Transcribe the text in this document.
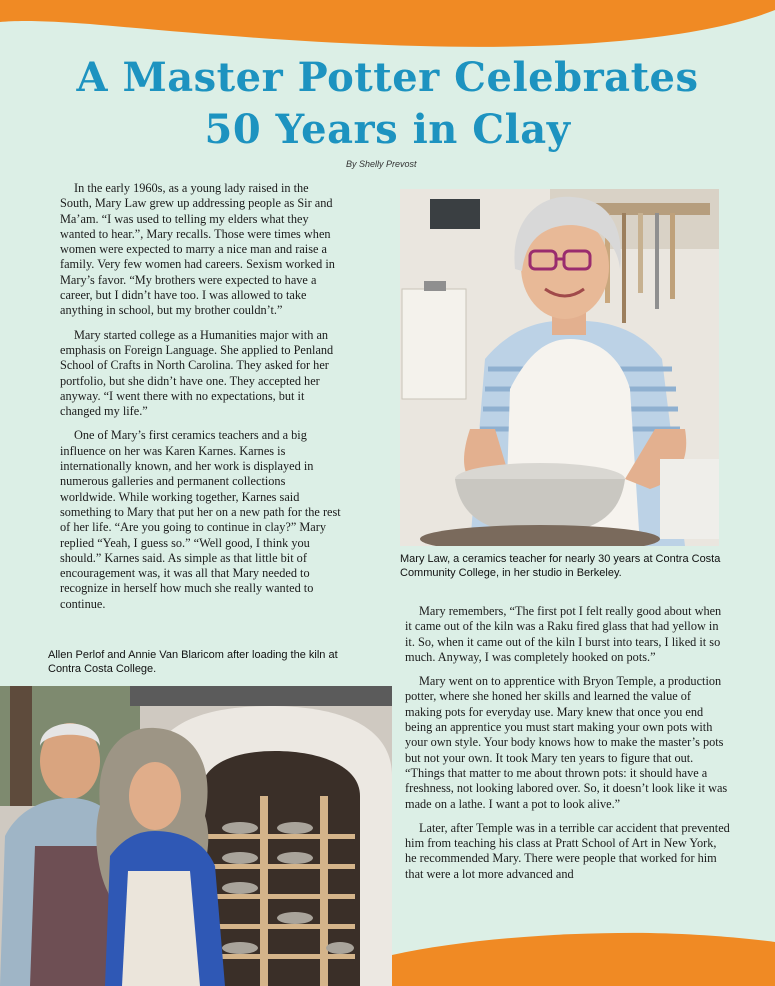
A Master Potter Celebrates
50 Years in Clay
By Shelly Prevost

In the early 1960s, as a young lady raised in the South, Mary Law grew up addressing people as Sir and Ma’am. “I was used to telling my elders what they wanted to hear.”, Mary recalls. Those were times when women were expected to marry a nice man and raise a family. Very few women had careers. Sexism worked in Mary’s favor. “My brothers were expected to have a career, but I didn’t have too. I was allowed to take anything in school, but my brother couldn’t.”

Mary started college as a Humanities major with an emphasis on Foreign Language. She applied to Penland School of Crafts in North Carolina. They asked for her portfolio, but she didn’t have one. They accepted her anyway. “I went there with no expectations, but it changed my life.”

One of Mary’s first ceramics teachers and a big influence on her was Karen Karnes. Karnes is internationally known, and her work is displayed in numerous galleries and permanent collections worldwide. While working together, Karnes said something to Mary that put her on a new path for the rest of her life. “Are you going to continue in clay?” Mary replied “Yeah, I guess so.” “Well good, I think you should.” Karnes said. As simple as that little bit of encouragement was, it was all that Mary needed to recognize in herself how much she really wanted to continue.

Mary Law, a ceramics teacher for nearly 30 years at Contra Costa Community College, in her studio in Berkeley.

Mary remembers, “The first pot I felt really good about when it came out of the kiln was a Raku fired glass that had yellow in it. So, when it came out of the kiln I burst into tears, I liked it so much. Anyway, I was completely hooked on pots.”

Mary went on to apprentice with Bryon Temple, a production potter, where she honed her skills and learned the value of making pots for everyday use. Mary knew that once you end being an apprentice you must start making your own pots with your own style. Your body knows how to make the master’s pots but not your own. It took Mary ten years to figure that out. “Things that matter to me about thrown pots: it should have a freshness, not looking labored over. So, it doesn’t look like it was made on a lathe. I want a pot to look alive.”

Later, after Temple was in a terrible car accident that prevented him from teaching his class at Pratt School of Art in New York, he recommended Mary. There were people that worked for him that were a lot more advanced and

Allen Perlof and Annie Van Blaricom after loading the kiln at Contra Costa College.
